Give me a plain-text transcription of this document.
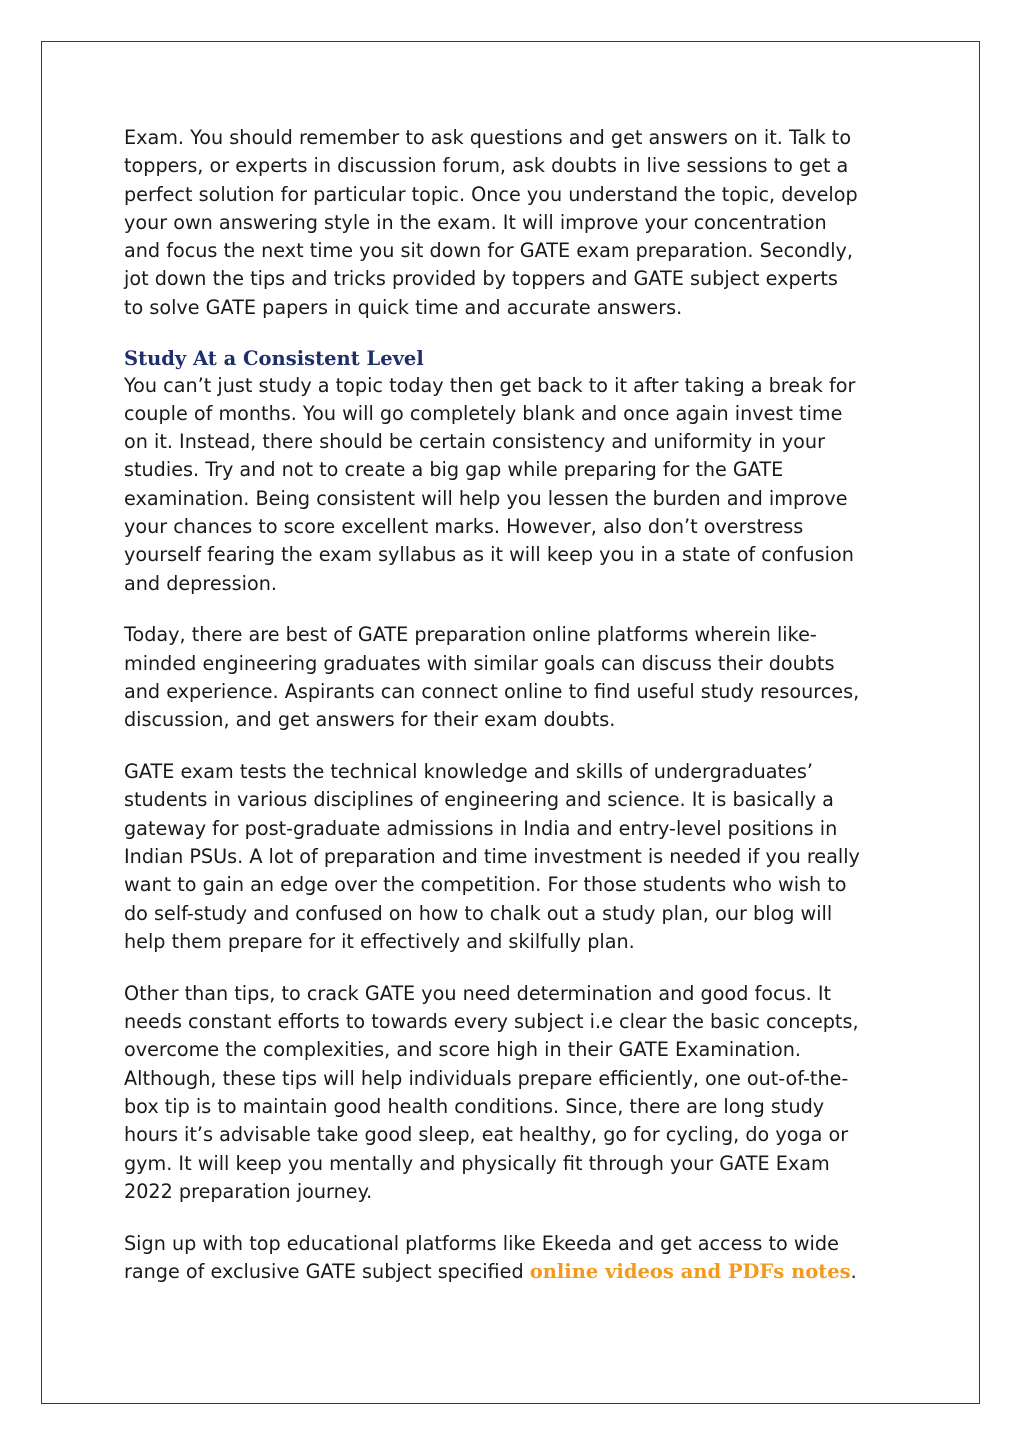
Exam. You should remember to ask questions and get answers on it. Talk to

toppers, or experts in discussion forum, ask doubts in live sessions to get a

perfect solution for particular topic. Once you understand the topic, develop

your own answering style in the exam. It will improve your concentration

and focus the next time you sit down for GATE exam preparation. Secondly,

jot down the tips and tricks provided by toppers and GATE subject experts

to solve GATE papers in quick time and accurate answers.

Study At a Consistent Level

You can’t just study a topic today then get back to it after taking a break for

couple of months. You will go completely blank and once again invest time

on it. Instead, there should be certain consistency and uniformity in your

studies. Try and not to create a big gap while preparing for the GATE

examination. Being consistent will help you lessen the burden and improve

your chances to score excellent marks. However, also don’t overstress

yourself fearing the exam syllabus as it will keep you in a state of confusion

and depression.

Today, there are best of GATE preparation online platforms wherein like-

minded engineering graduates with similar goals can discuss their doubts

and experience. Aspirants can connect online to find useful study resources,

discussion, and get answers for their exam doubts.

GATE exam tests the technical knowledge and skills of undergraduates’

students in various disciplines of engineering and science. It is basically a

gateway for post-graduate admissions in India and entry-level positions in

Indian PSUs. A lot of preparation and time investment is needed if you really

want to gain an edge over the competition. For those students who wish to

do self-study and confused on how to chalk out a study plan, our blog will

help them prepare for it effectively and skilfully plan.

Other than tips, to crack GATE you need determination and good focus. It

needs constant efforts to towards every subject i.e clear the basic concepts,

overcome the complexities, and score high in their GATE Examination.

Although, these tips will help individuals prepare efficiently, one out-of-the-

box tip is to maintain good health conditions. Since, there are long study

hours it’s advisable take good sleep, eat healthy, go for cycling, do yoga or

gym. It will keep you mentally and physically fit through your GATE Exam

2022 preparation journey.

Sign up with top educational platforms like Ekeeda and get access to wide

range of exclusive GATE subject specified online videos and PDFs notes.
